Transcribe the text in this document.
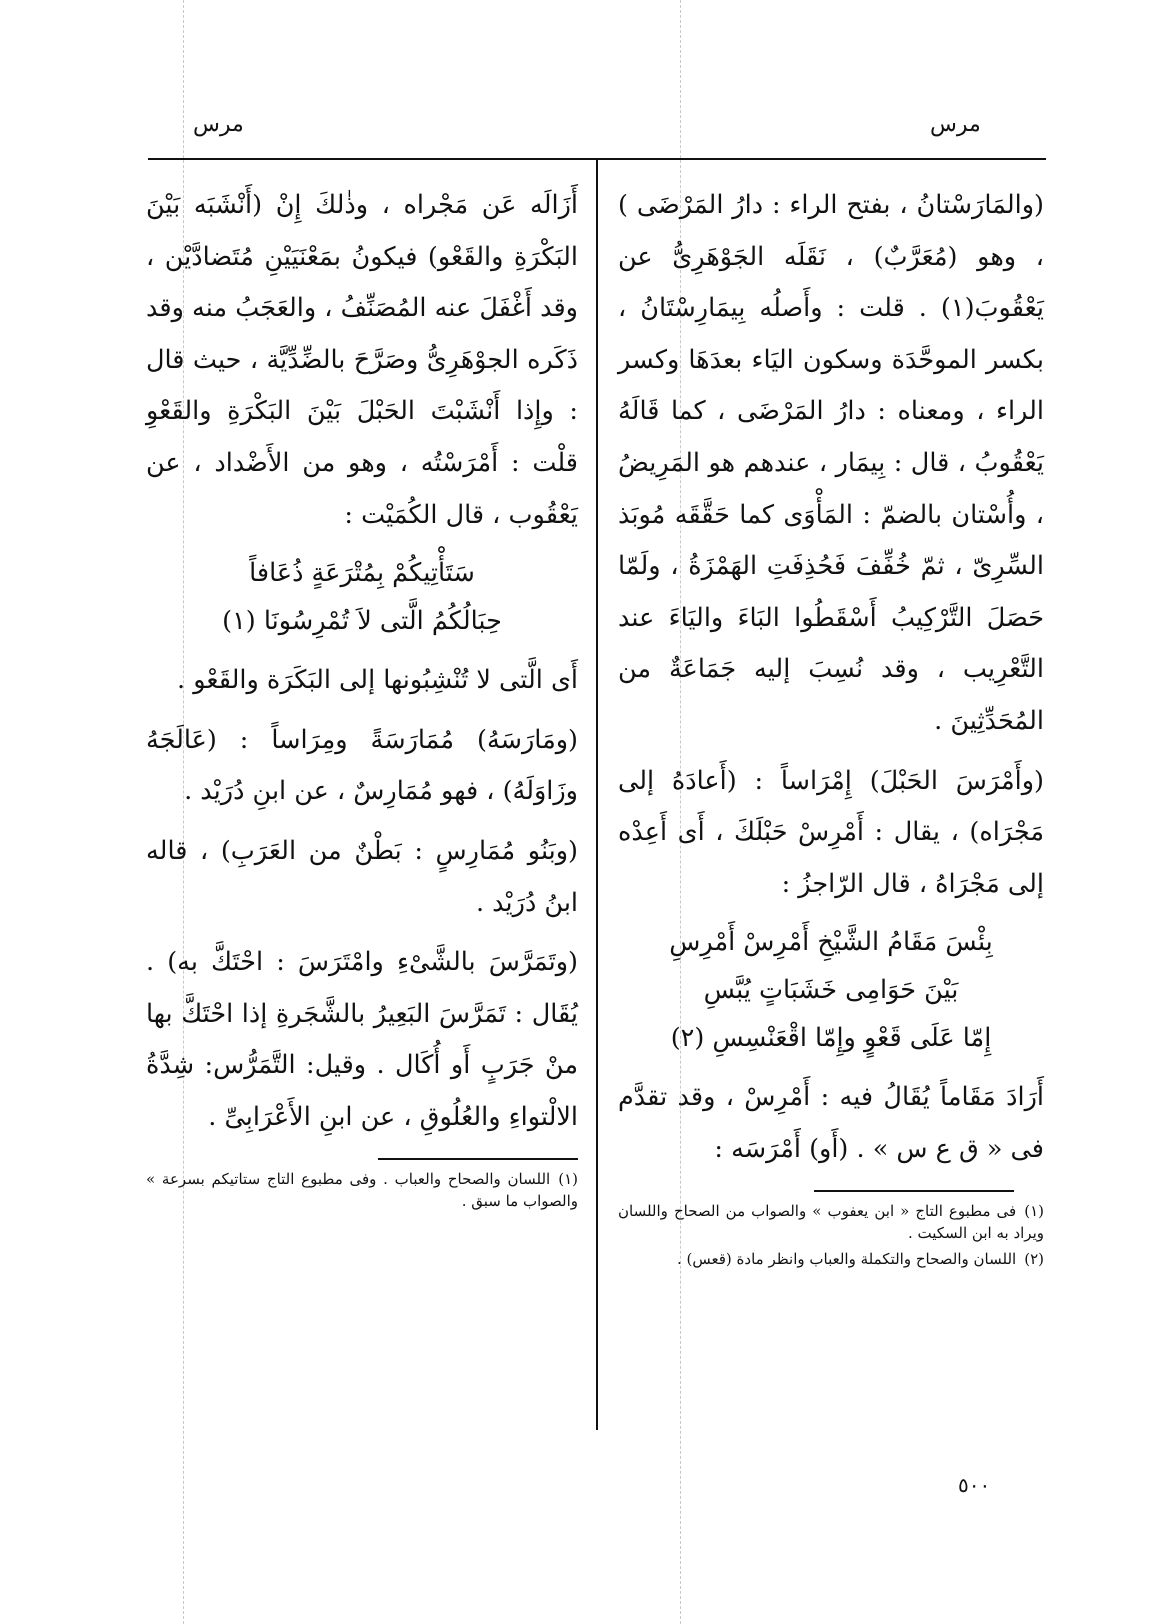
مرس
مرس

(والمَارَسْتانُ ، بفتح الراء : دارُ المَرْضَى ) ، وهو (مُعَرَّبٌ) ، نَقَلَه الجَوْهَرِىُّ عن يَعْقُوبَ(١) . قلت : وأَصلُه بِيمَارِسْتَانُ ، بكسر الموحَّدَة وسكون اليَاء بعدَهَا وكسر الراء ، ومعناه : دارُ المَرْضَى ، كما قَالَهُ يَعْقُوبُ ، قال : بِيمَار ، عندهم هو المَرِيضُ ، وأُسْتان بالضمّ : المَأْوَى كما حَقَّقَه مُوبَذ السِّرِىّ ، ثمّ خُفِّفَ فَحُذِفَتِ الهَمْزَةُ ، ولَمّا حَصَلَ التَّرْكِيبُ أَسْقَطُوا البَاءَ واليَاءَ عند التَّعْرِيب ، وقد نُسِبَ إليه جَمَاعَةٌ من المُحَدِّثِينَ .

(وأَمْرَسَ الحَبْلَ) إِمْرَاساً : (أَعادَهُ إلى مَجْرَاه) ، يقال : أَمْرِسْ حَبْلَكَ ، أَى أَعِدْه إلى مَجْرَاهُ ، قال الرّاجزُ :

بِئْسَ مَقَامُ الشَّيْخِ أَمْرِسْ أَمْرِسِ
بَيْنَ حَوَامِى خَشَبَاتٍ يُبَّسِ
إِمّا عَلَى قَعْوٍ وإِمّا اقْعَنْسِسِ (٢)

أَرَادَ مَقَاماً يُقَالُ فيه : أَمْرِسْ ، وقد تقدَّم فى « ق ع س » . (أَو) أَمْرَسَه :

(١)فى مطبوع التاج « ابن يعفوب » والصواب من الصحاح واللسان ويراد به ابن السكيت .
(٢)اللسان والصحاح والتكملة والعباب وانظر مادة (قعس) .

أَزَالَه عَن مَجْراه ، وذٰلكَ إِنْ (أَنْشَبَه بَيْنَ البَكْرَةِ والقَعْو) فيكونُ بمَعْنَيَيْنِ مُتَضادَّيْن ، وقد أَغْفَلَ عنه المُصَنِّفُ ، والعَجَبُ منه وقد ذَكَره الجوْهَرِىُّ وصَرَّحَ بالضِّدِّيَّة ، حيث قال : وإِذا أَنْشَبْتَ الحَبْلَ بَيْنَ البَكْرَةِ والقَعْوِ قلْت : أَمْرَسْتُه ، وهو من الأَضْداد ، عن يَعْقُوب ، قال الكُمَيْت :

سَتَأْتِيكُمْ بِمُتْرَعَةٍ ذُعَافاً
حِبَالُكُمُ الَّتى لاَ تُمْرِسُونَا (١)

أَى الَّتى لا تُنْشِبُونها إلى البَكَرَة والقَعْو .

(ومَارَسَهُ) مُمَارَسَةً ومِرَاساً : (عَالَجَهُ وزَاوَلَهُ) ، فهو مُمَارِسٌ ، عن ابنِ دُرَيْد .

(وبَنُو مُمَارِسٍ : بَطْنٌ من العَرَبِ) ، قاله ابنُ دُرَيْد .

(وتَمَرَّسَ بالشَّىْءِ وامْتَرَسَ : احْتَكَّ به) . يُقَال : تَمَرَّسَ البَعِيرُ بالشَّجَرةِ إذا احْتَكَّ بها منْ جَرَبٍ أَو أُكَال . وقيل: التَّمَرُّس: شِدَّةُ الالْتواءِ والعُلُوقِ ، عن ابنِ الأَعْرَابِىِّ .

(١)اللسان والصحاح والعباب . وفى مطبوع التاج ستاتيكم بسرعة » والصواب ما سبق .
٥٠٠
